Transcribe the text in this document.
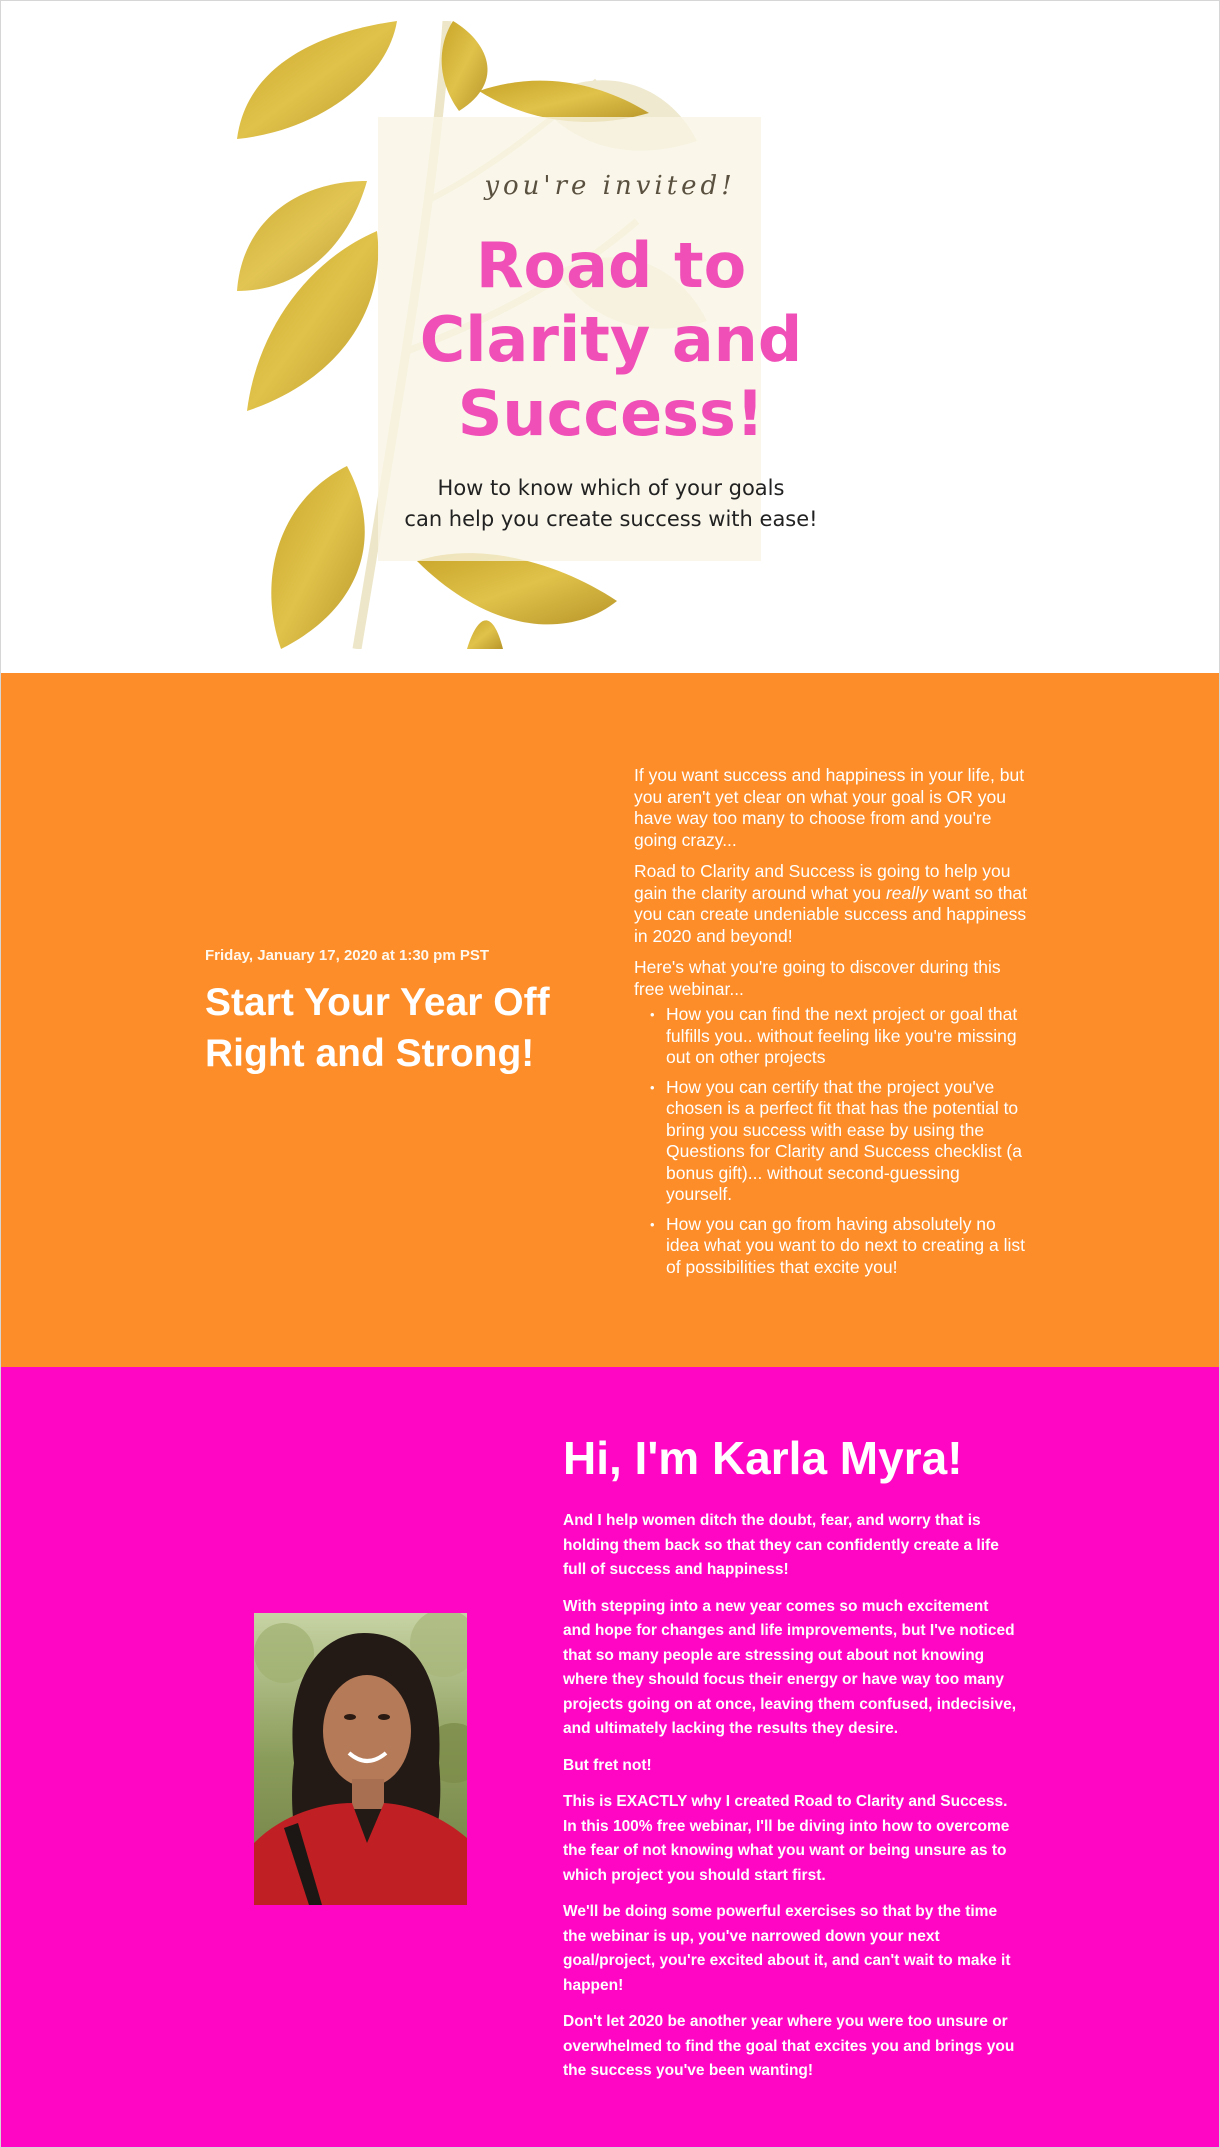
you're invited!
Road to
Clarity and
Success!
How to know which of your goals
can help you create success with ease!
Friday, January 17, 2020 at 1:30 pm PST
Start Your Year Off Right and Strong!

If you want success and happiness in your life, but you aren't yet clear on what your goal is OR you have way too many to choose from and you're going crazy...

Road to Clarity and Success is going to help you gain the clarity around what you really want so that you can create undeniable success and happiness in 2020 and beyond!

Here's what you're going to discover during this free webinar...

• How you can find the next project or goal that fulfills you.. without feeling like you're missing out on other projects
• How you can certify that the project you've chosen is a perfect fit that has the potential to bring you success with ease by using the Questions for Clarity and Success checklist (a bonus gift)... without second-guessing yourself.
• How you can go from having absolutely no idea what you want to do next to creating a list of possibilities that excite you!
Hi, I'm Karla Myra!

And I help women ditch the doubt, fear, and worry that is holding them back so that they can confidently create a life full of success and happiness!

With stepping into a new year comes so much excitement and hope for changes and life improvements, but I've noticed that so many people are stressing out about not knowing where they should focus their energy or have way too many projects going on at once, leaving them confused, indecisive, and ultimately lacking the results they desire.

But fret not!

This is EXACTLY why I created Road to Clarity and Success. In this 100% free webinar, I'll be diving into how to overcome the fear of not knowing what you want or being unsure as to which project you should start first.

We'll be doing some powerful exercises so that by the time the webinar is up, you've narrowed down your next goal/project, you're excited about it, and can't wait to make it happen!

Don't let 2020 be another year where you were too unsure or overwhelmed to find the goal that excites you and brings you the success you've been wanting!
